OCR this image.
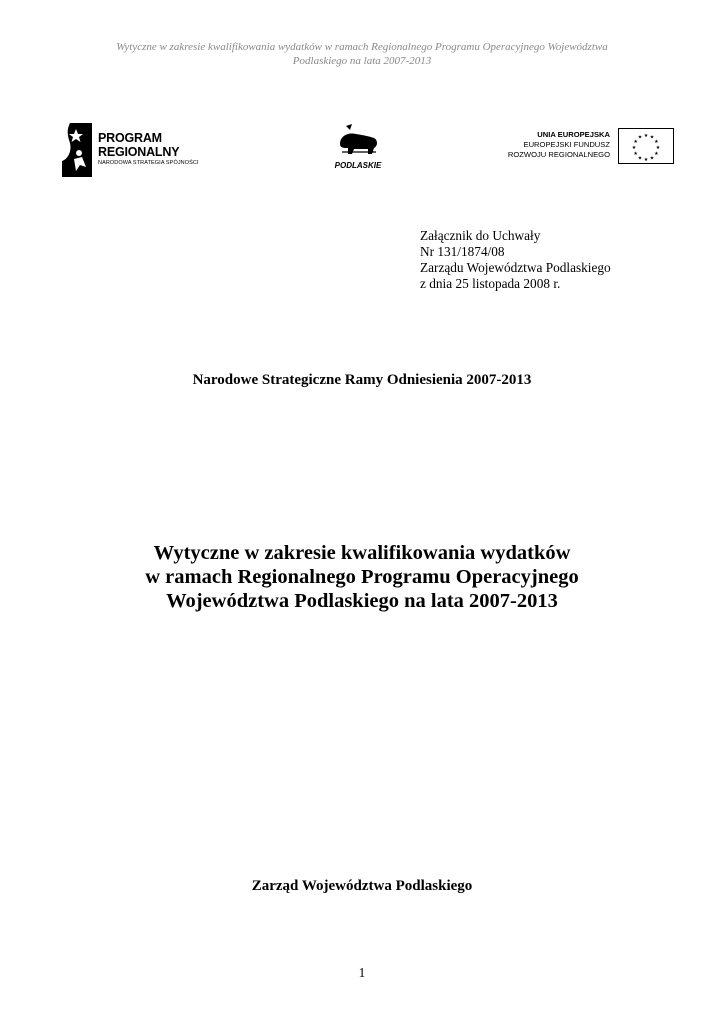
Wytyczne w zakresie kwalifikowania wydatków w ramach Regionalnego Programu Operacyjnego Województwa
Podlaskiego na lata 2007-2013
PROGRAM REGIONALNY
NARODOWA STRATEGIA SPÓJNOŚCI	PODLASKIE
UNIA EUROPEJSKA
EUROPEJSKI FUNDUSZ
ROZWOJU REGIONALNEGO
★ ★
★
★
★
★
★
★
★
★
★
★
Załącznik do Uchwały
Nr 131/1874/08
Zarządu Województwa Podlaskiego
z dnia 25 listopada 2008 r.
Narodowe Strategiczne Ramy Odniesienia 2007-2013
Wytyczne w zakresie kwalifikowania wydatków
w ramach Regionalnego Programu Operacyjnego
Województwa Podlaskiego na lata 2007-2013
Zarząd Województwa Podlaskiego
1
